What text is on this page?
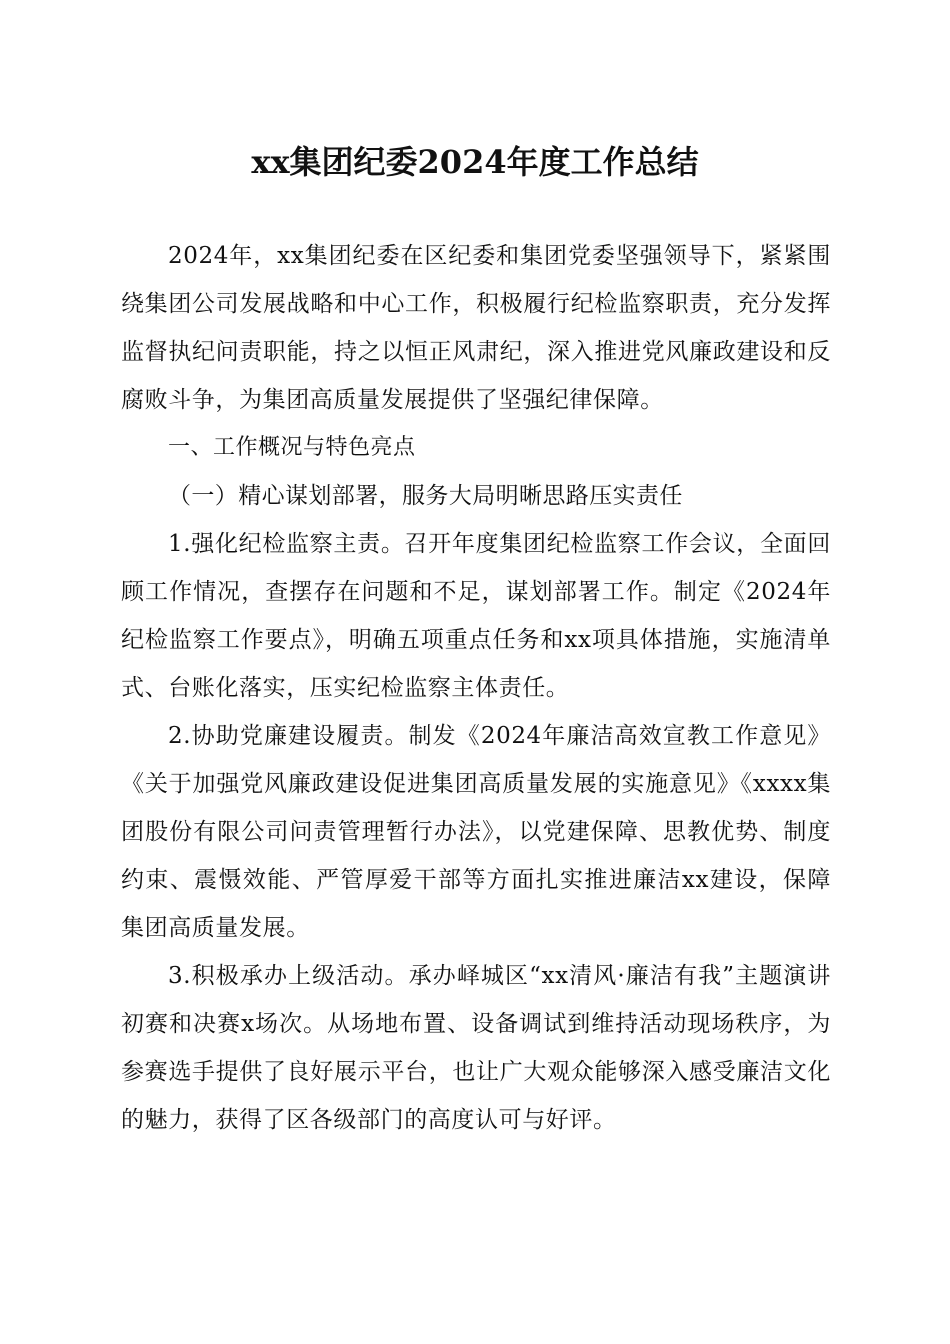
xx集团纪委2024年度工作总结

2024年，xx集团纪委在区纪委和集团党委坚强领导下，紧紧围绕集团公司发展战略和中心工作，积极履行纪检监察职责，充分发挥监督执纪问责职能，持之以恒正风肃纪，深入推进党风廉政建设和反腐败斗争，为集团高质量发展提供了坚强纪律保障。

一、工作概况与特色亮点

（一）精心谋划部署，服务大局明晰思路压实责任

1.强化纪检监察主责。召开年度集团纪检监察工作会议，全面回顾工作情况，查摆存在问题和不足，谋划部署工作。制定《2024年纪检监察工作要点》，明确五项重点任务和xx项具体措施，实施清单式、台账化落实，压实纪检监察主体责任。

2.协助党廉建设履责。制发《2024年廉洁高效宣教工作意见》《关于加强党风廉政建设促进集团高质量发展的实施意见》《xxxx集团股份有限公司问责管理暂行办法》，以党建保障、思教优势、制度约束、震慑效能、严管厚爱干部等方面扎实推进廉洁xx建设，保障集团高质量发展。

3.积极承办上级活动。承办峄城区“xx清风·廉洁有我”主题演讲初赛和决赛x场次。从场地布置、设备调试到维持活动现场秩序，为参赛选手提供了良好展示平台，也让广大观众能够深入感受廉洁文化的魅力，获得了区各级部门的高度认可与好评。
